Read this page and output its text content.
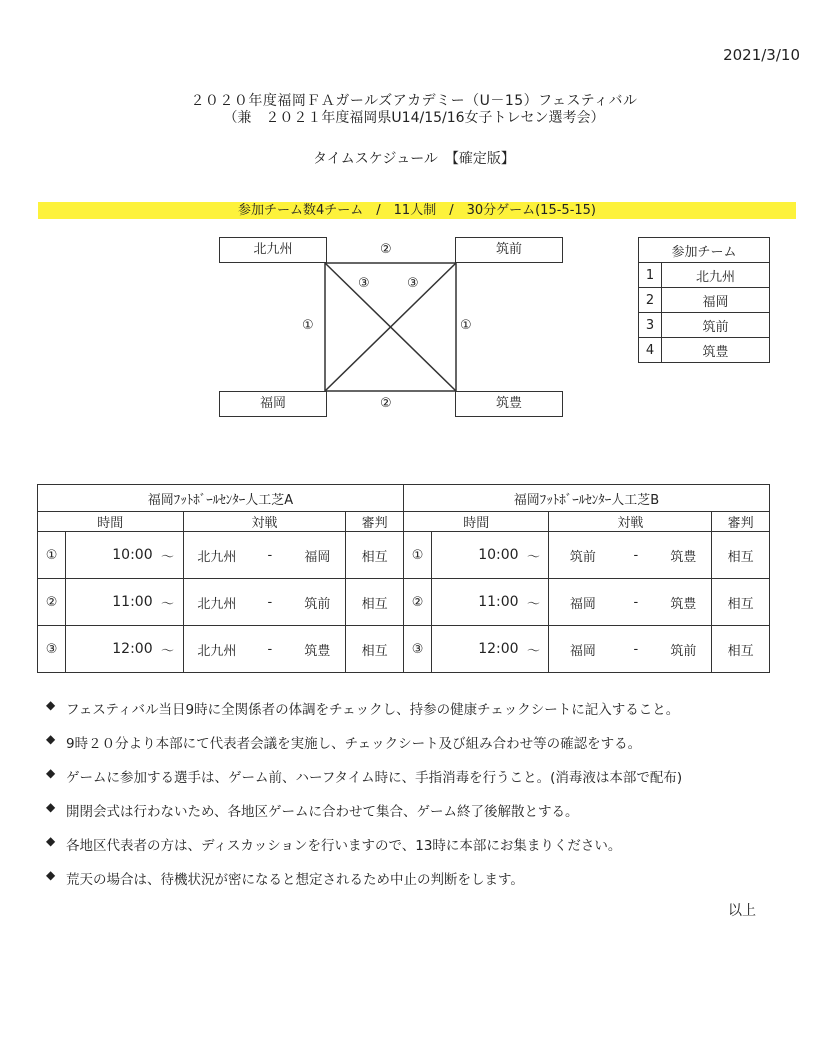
2021/3/10
２０２０年度福岡ＦＡガールズアカデミー（U－15）フェスティバル
（兼　２０２１年度福岡県U14/15/16女子トレセン選考会）
タイムスケジュール　【確定版】
参加チーム数4チーム　/　11人制　/　30分ゲーム(15-5-15)
北九州	筑前
福岡	筑豊
②
②
①	①
③	③
参加チーム	
1	北九州
2	福岡
3	筑前
4	筑豊
福岡ﾌｯﾄﾎﾞｰﾙｾﾝﾀｰ人工芝A							福岡ﾌｯﾄﾎﾞｰﾙｾﾝﾀｰ人工芝B						
時間			対戦			審判	時間			対戦			審判
①	10:00	～	北九州	-	福岡	相互	①	10:00	～	筑前	-	筑豊	相互
②	11:00	～	北九州	-	筑前	相互	②	11:00	～	福岡	-	筑豊	相互
③	12:00	～	北九州	-	筑豊	相互	③	12:00	～	福岡	-	筑前	相互
◆ フェスティバル当日9時に全関係者の体調をチェックし、持参の健康チェックシートに記入すること。
◆ 9時２０分より本部にて代表者会議を実施し、チェックシート及び組み合わせ等の確認をする。
◆ ゲームに参加する選手は、ゲーム前、ハーフタイム時に、手指消毒を行うこと。(消毒液は本部で配布)
◆ 開閉会式は行わないため、各地区ゲームに合わせて集合、ゲーム終了後解散とする。
◆ 各地区代表者の方は、ディスカッションを行いますので、13時に本部にお集まりください。
◆ 荒天の場合は、待機状況が密になると想定されるため中止の判断をします。
以上
